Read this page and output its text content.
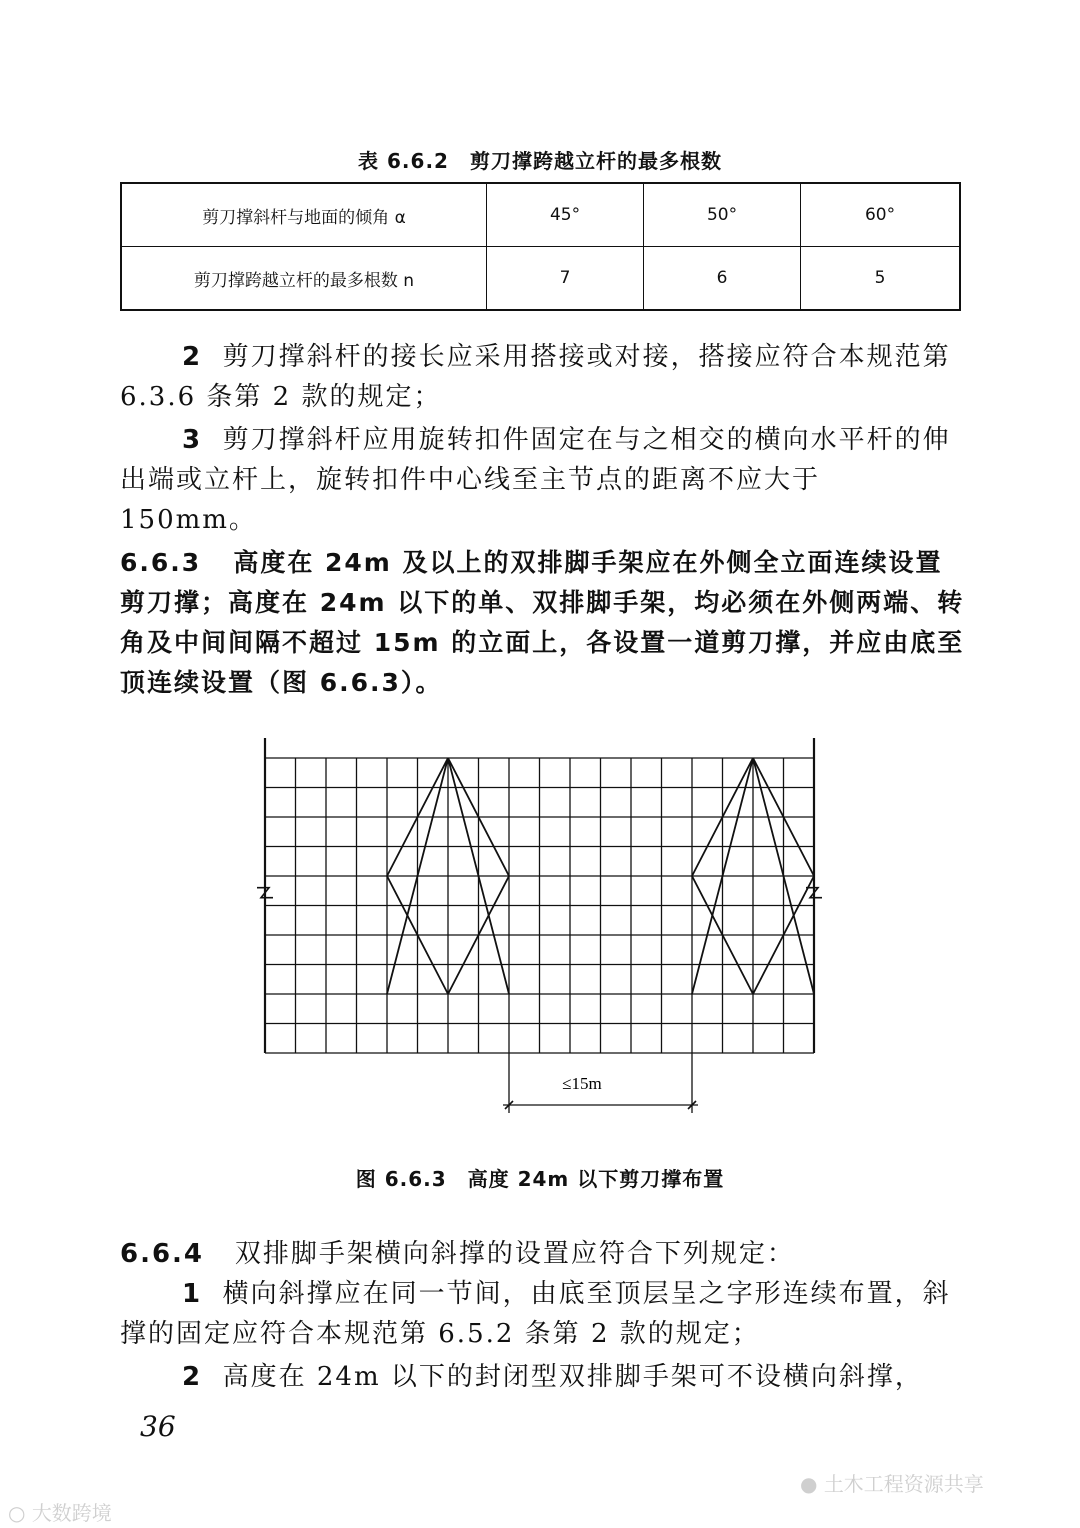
表 6.6.2　剪刀撑跨越立杆的最多根数
剪刀撑斜杆与地面的倾角 α	45°	50°	60°
剪刀撑跨越立杆的最多根数 n	7	6	5
2 剪刀撑斜杆的接长应采用搭接或对接，搭接应符合本规范第 6.3.6 条第 2 款的规定；
3 剪刀撑斜杆应用旋转扣件固定在与之相交的横向水平杆的伸出端或立杆上，旋转扣件中心线至主节点的距离不应大于 150mm。
6.6.3 高度在 24m 及以上的双排脚手架应在外侧全立面连续设置剪刀撑；高度在 24m 以下的单、双排脚手架，均必须在外侧两端、转角及中间间隔不超过 15m 的立面上，各设置一道剪刀撑，并应由底至顶连续设置（图 6.6.3）。
≤15m
图 6.6.3　高度 24m 以下剪刀撑布置
6.6.4 双排脚手架横向斜撑的设置应符合下列规定：
1 横向斜撑应在同一节间，由底至顶层呈之字形连续布置，斜撑的固定应符合本规范第 6.5.2 条第 2 款的规定；
2 高度在 24m 以下的封闭型双排脚手架可不设横向斜撑，
36
● 土木工程资源共享
○ 大数跨境
